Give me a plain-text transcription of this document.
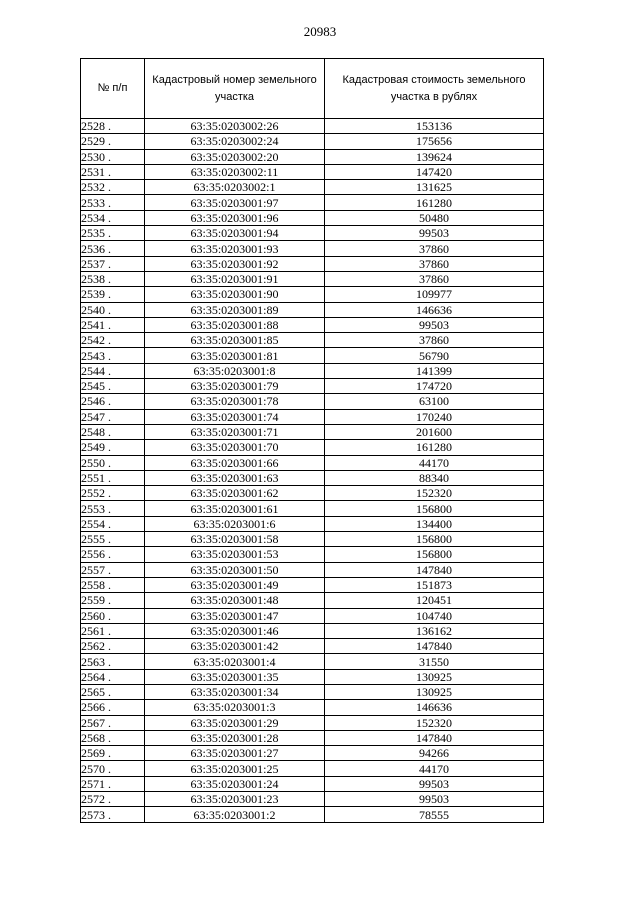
20983
№ п/п	Кадастровый номер земельного участка	Кадастровая стоимость земельного участка в рублях
2528 .	63:35:0203002:26	153136
2529 .	63:35:0203002:24	175656
2530 .	63:35:0203002:20	139624
2531 .	63:35:0203002:11	147420
2532 .	63:35:0203002:1	131625
2533 .	63:35:0203001:97	161280
2534 .	63:35:0203001:96	50480
2535 .	63:35:0203001:94	99503
2536 .	63:35:0203001:93	37860
2537 .	63:35:0203001:92	37860
2538 .	63:35:0203001:91	37860
2539 .	63:35:0203001:90	109977
2540 .	63:35:0203001:89	146636
2541 .	63:35:0203001:88	99503
2542 .	63:35:0203001:85	37860
2543 .	63:35:0203001:81	56790
2544 .	63:35:0203001:8	141399
2545 .	63:35:0203001:79	174720
2546 .	63:35:0203001:78	63100
2547 .	63:35:0203001:74	170240
2548 .	63:35:0203001:71	201600
2549 .	63:35:0203001:70	161280
2550 .	63:35:0203001:66	44170
2551 .	63:35:0203001:63	88340
2552 .	63:35:0203001:62	152320
2553 .	63:35:0203001:61	156800
2554 .	63:35:0203001:6	134400
2555 .	63:35:0203001:58	156800
2556 .	63:35:0203001:53	156800
2557 .	63:35:0203001:50	147840
2558 .	63:35:0203001:49	151873
2559 .	63:35:0203001:48	120451
2560 .	63:35:0203001:47	104740
2561 .	63:35:0203001:46	136162
2562 .	63:35:0203001:42	147840
2563 .	63:35:0203001:4	31550
2564 .	63:35:0203001:35	130925
2565 .	63:35:0203001:34	130925
2566 .	63:35:0203001:3	146636
2567 .	63:35:0203001:29	152320
2568 .	63:35:0203001:28	147840
2569 .	63:35:0203001:27	94266
2570 .	63:35:0203001:25	44170
2571 .	63:35:0203001:24	99503
2572 .	63:35:0203001:23	99503
2573 .	63:35:0203001:2	78555
